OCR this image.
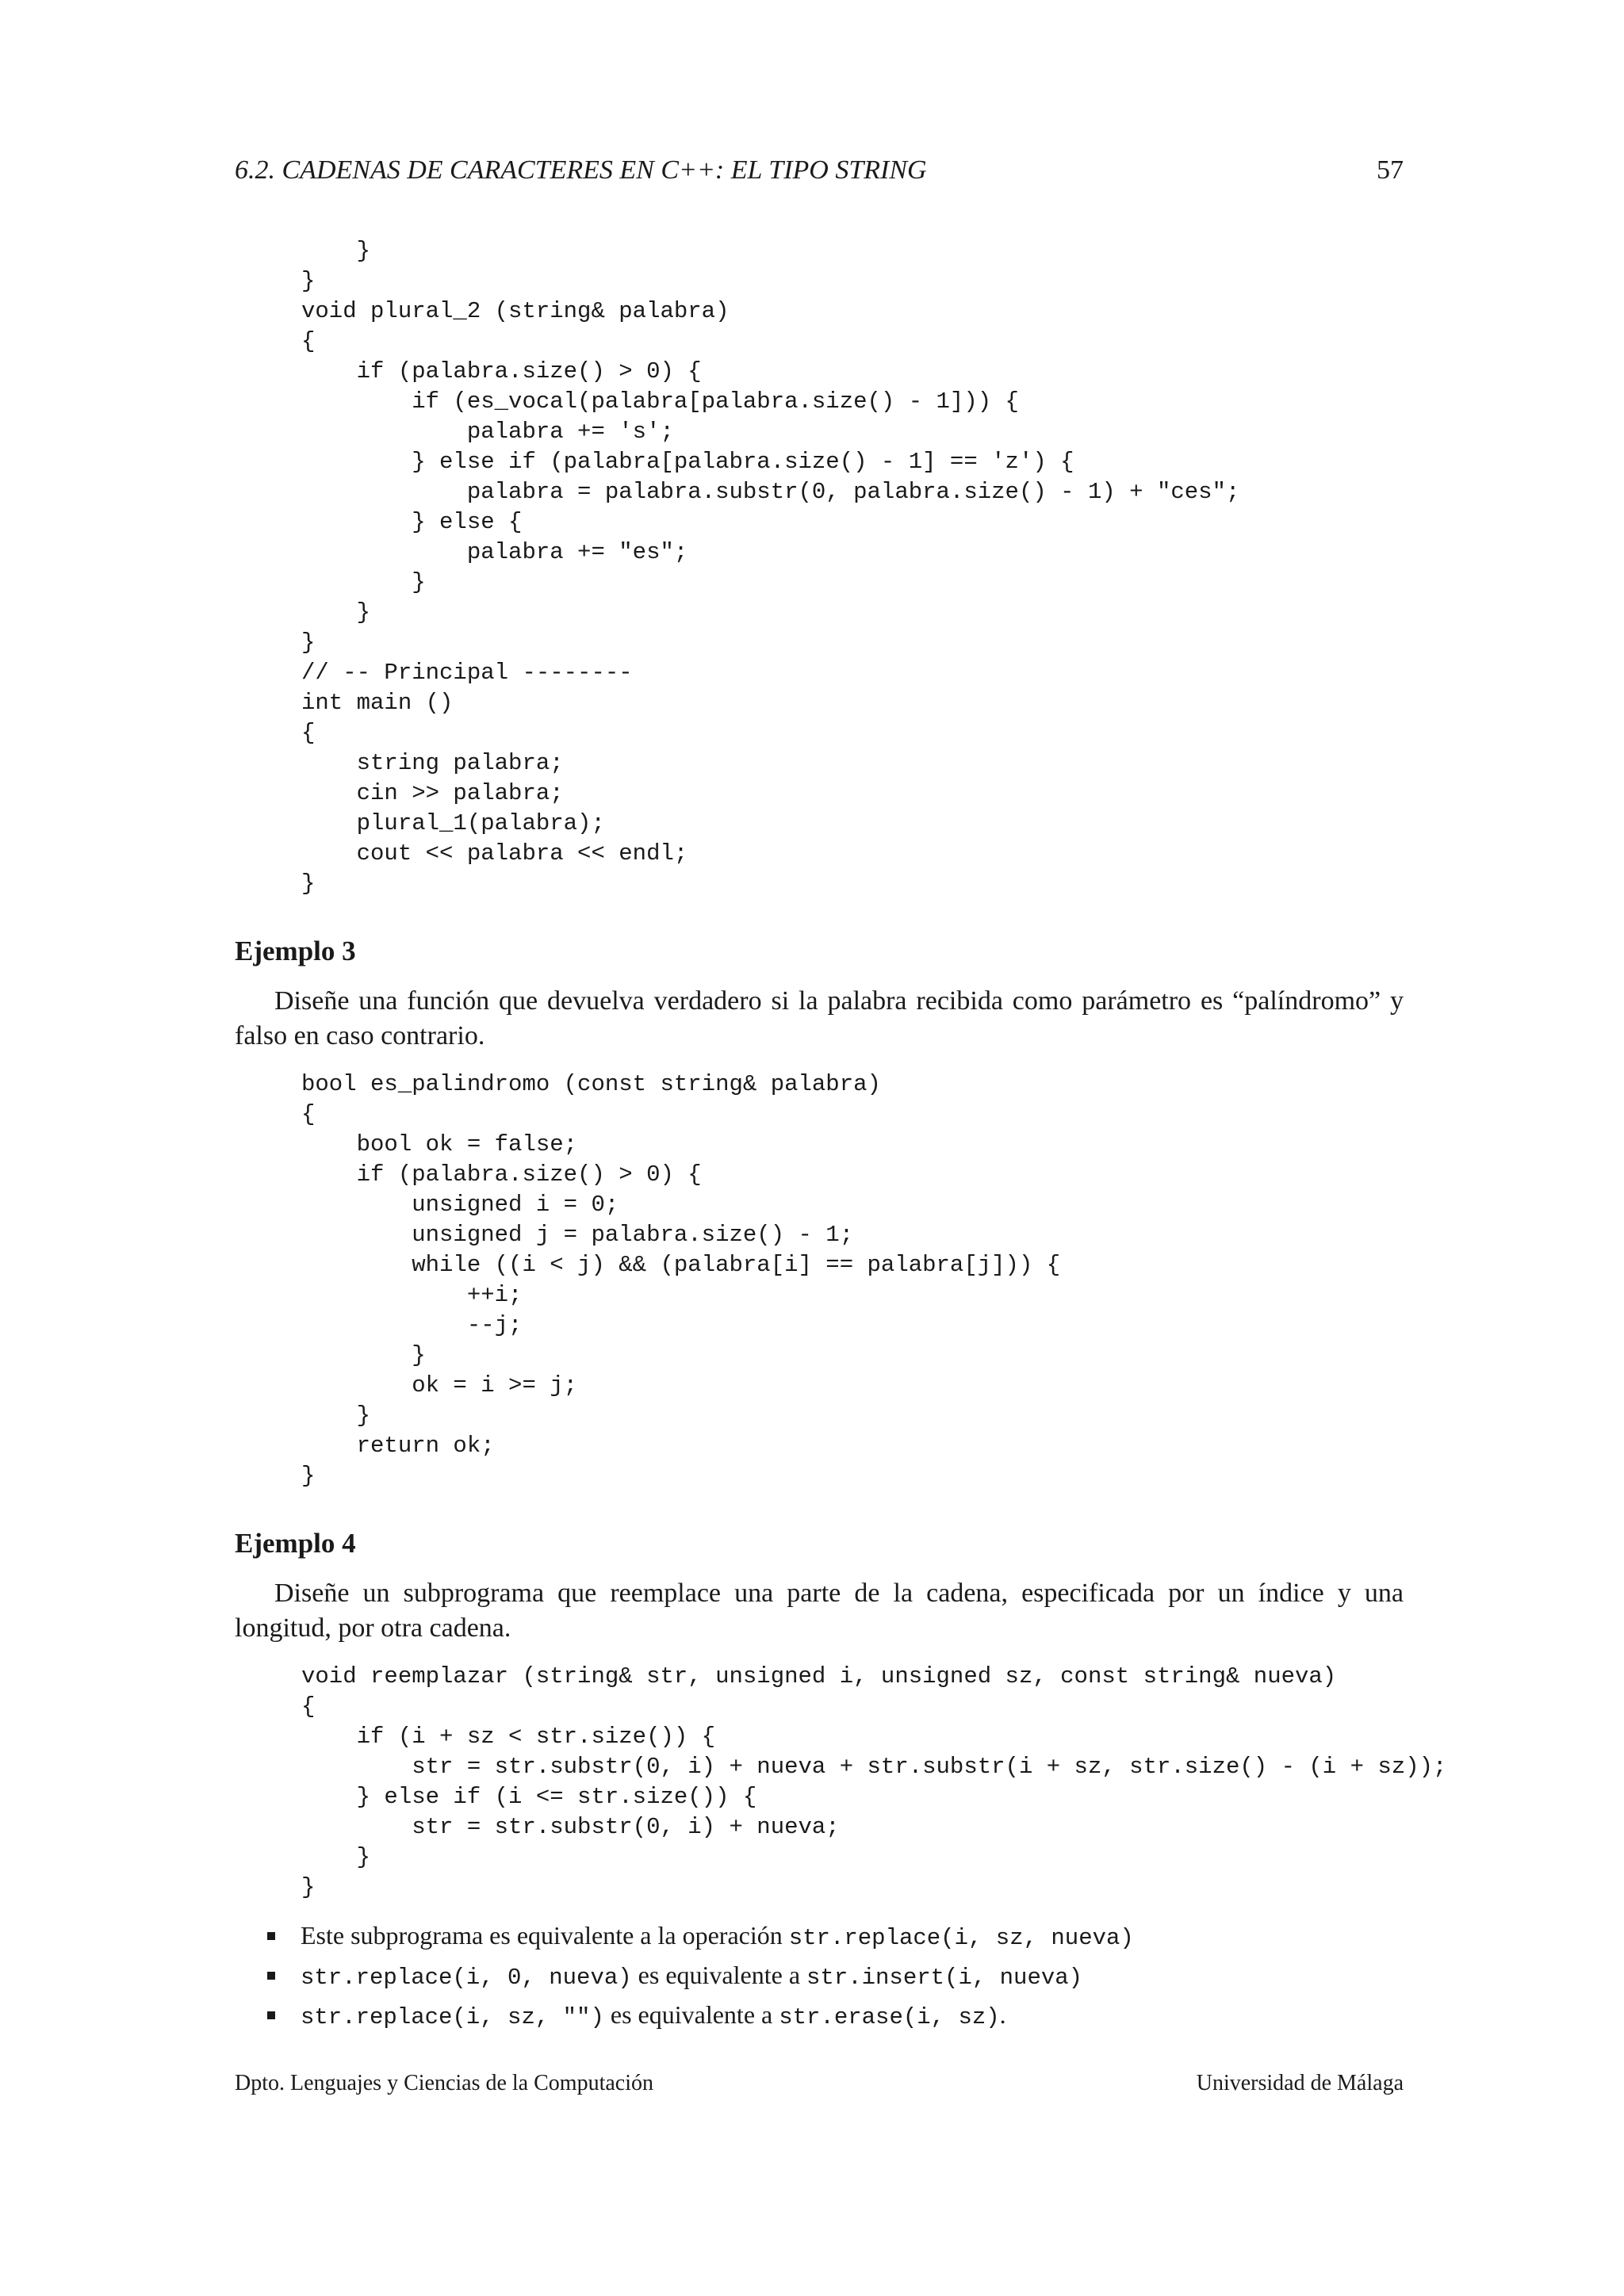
6.2. CADENAS DE CARACTERES EN C++: EL TIPO STRING	57
}
}
void plural_2 (string& palabra)
{
if (palabra.size() > 0) {
if (es_vocal(palabra[palabra.size() - 1])) {
palabra += 's';
} else if (palabra[palabra.size() - 1] == 'z') {
palabra = palabra.substr(0, palabra.size() - 1) + "ces";
} else {
palabra += "es";
}
}
}
// -- Principal --------
int main ()
{
string palabra;
cin >> palabra;
plural_1(palabra);
cout << palabra << endl;
}
Ejemplo 3

Diseñe una función que devuelva verdadero si la palabra recibida como parámetro es “palíndromo” y falso en caso contrario.

bool es_palindromo (const string& palabra)
{
bool ok = false;
if (palabra.size() > 0) {
unsigned i = 0;
unsigned j = palabra.size() - 1;
while ((i < j) && (palabra[i] == palabra[j])) {
++i;
--j;
}
ok = i >= j;
}
return ok;
}
Ejemplo 4

Diseñe un subprograma que reemplace una parte de la cadena, especificada por un índice y una longitud, por otra cadena.

void reemplazar (string& str, unsigned i, unsigned sz, const string& nueva)
{
if (i + sz < str.size()) {
str = str.substr(0, i) + nueva + str.substr(i + sz, str.size() - (i + sz));
} else if (i <= str.size()) {
str = str.substr(0, i) + nueva;
}
}
Este subprograma es equivalente a la operación str.replace(i, sz, nueva)
str.replace(i, 0, nueva) es equivalente a str.insert(i, nueva)
str.replace(i, sz, "") es equivalente a str.erase(i, sz).
Dpto. Lenguajes y Ciencias de la Computación	Universidad de Málaga
